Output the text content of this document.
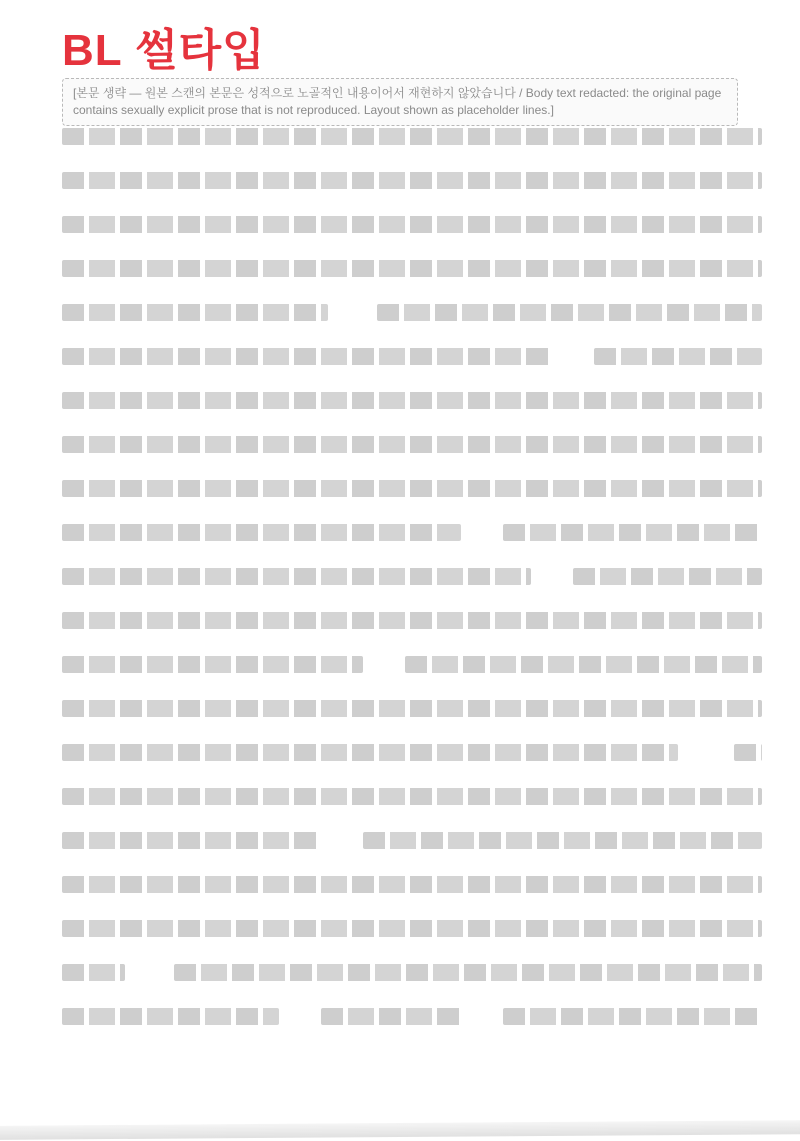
BL 썰타입
[본문 생략 — 원본 스캔의 본문은 성적으로 노골적인 내용이어서 재현하지 않았습니다 / Body text redacted: the original page contains sexually explicit prose that is not reproduced. Layout shown as placeholder lines.]
